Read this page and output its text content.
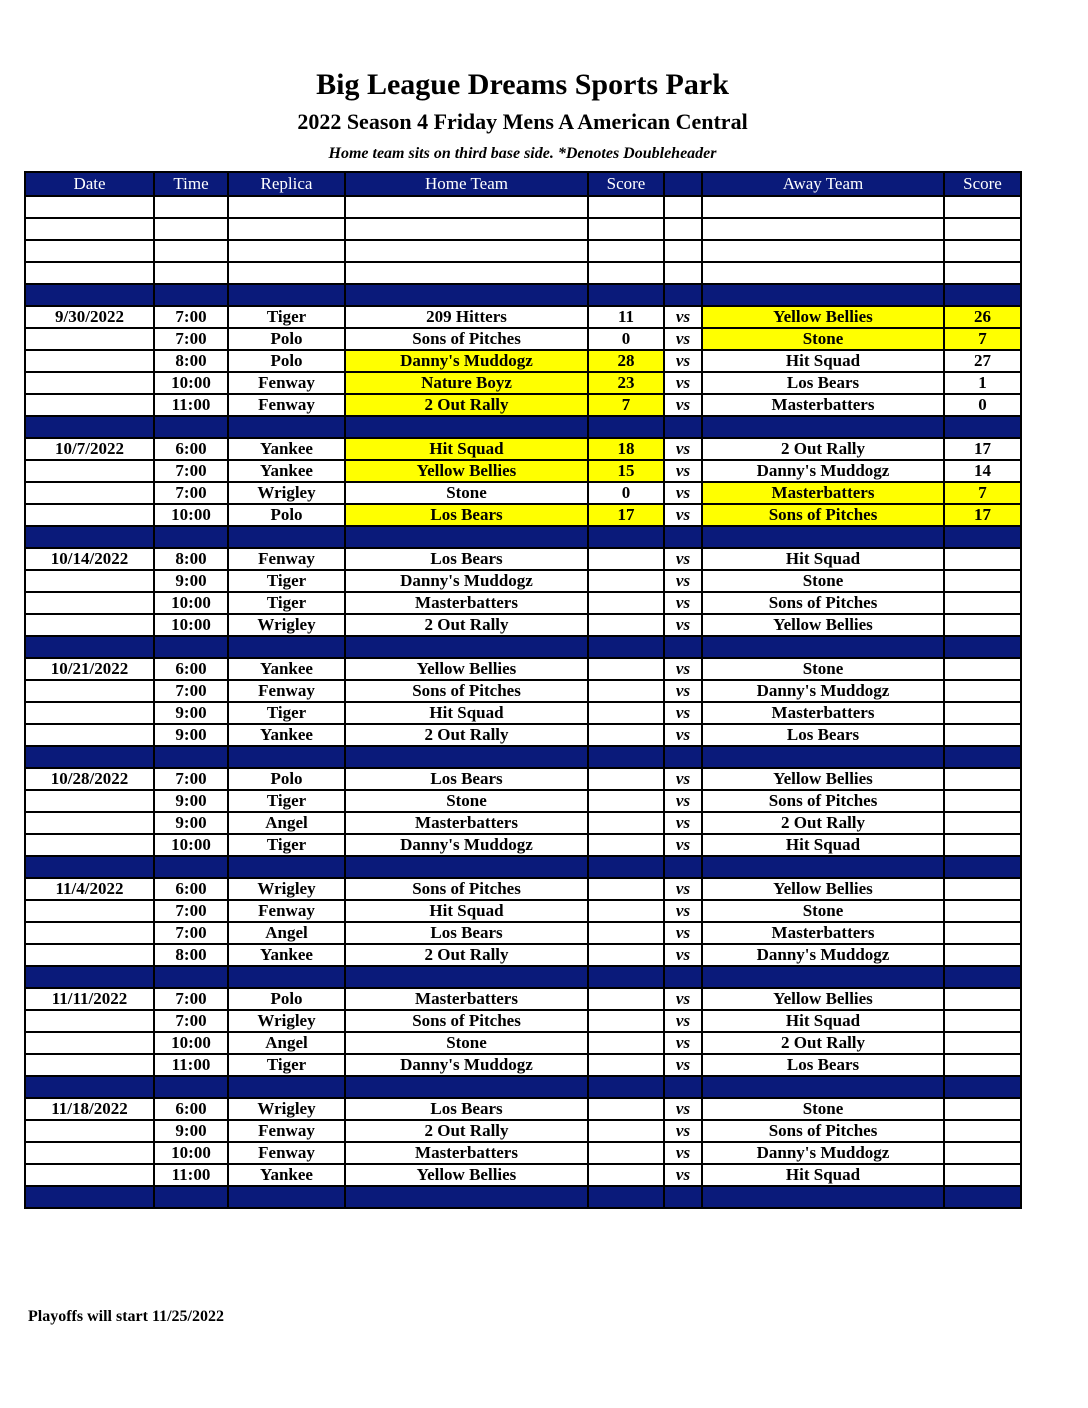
Big League Dreams Sports Park
2022 Season 4 Friday Mens A American Central
Home team sits on third base side. *Denotes Doubleheader
Date	Time	Replica	Home Team	Score		Away Team	Score

9/30/2022	7:00	Tiger	209 Hitters	11	vs	Yellow Bellies	26
	7:00	Polo	Sons of Pitches	0	vs	Stone	7
	8:00	Polo	Danny's Muddogz	28	vs	Hit Squad	27
	10:00	Fenway	Nature Boyz	23	vs	Los Bears	1
	11:00	Fenway	2 Out Rally	7	vs	Masterbatters	0

10/7/2022	6:00	Yankee	Hit Squad	18	vs	2 Out Rally	17
	7:00	Yankee	Yellow Bellies	15	vs	Danny's Muddogz	14
	7:00	Wrigley	Stone	0	vs	Masterbatters	7
	10:00	Polo	Los Bears	17	vs	Sons of Pitches	17

10/14/2022	8:00	Fenway	Los Bears		vs	Hit Squad	
	9:00	Tiger	Danny's Muddogz		vs	Stone	
	10:00	Tiger	Masterbatters		vs	Sons of Pitches	
	10:00	Wrigley	2 Out Rally		vs	Yellow Bellies	

10/21/2022	6:00	Yankee	Yellow Bellies		vs	Stone	
	7:00	Fenway	Sons of Pitches		vs	Danny's Muddogz	
	9:00	Tiger	Hit Squad		vs	Masterbatters	
	9:00	Yankee	2 Out Rally		vs	Los Bears	

10/28/2022	7:00	Polo	Los Bears		vs	Yellow Bellies	
	9:00	Tiger	Stone		vs	Sons of Pitches	
	9:00	Angel	Masterbatters		vs	2 Out Rally	
	10:00	Tiger	Danny's Muddogz		vs	Hit Squad	

11/4/2022	6:00	Wrigley	Sons of Pitches		vs	Yellow Bellies	
	7:00	Fenway	Hit Squad		vs	Stone	
	7:00	Angel	Los Bears		vs	Masterbatters	
	8:00	Yankee	2 Out Rally		vs	Danny's Muddogz	

11/11/2022	7:00	Polo	Masterbatters		vs	Yellow Bellies	
	7:00	Wrigley	Sons of Pitches		vs	Hit Squad	
	10:00	Angel	Stone		vs	2 Out Rally	
	11:00	Tiger	Danny's Muddogz		vs	Los Bears	

11/18/2022	6:00	Wrigley	Los Bears		vs	Stone	
	9:00	Fenway	2 Out Rally		vs	Sons of Pitches	
	10:00	Fenway	Masterbatters		vs	Danny's Muddogz	
	11:00	Yankee	Yellow Bellies		vs	Hit Squad	

Playoffs will start 11/25/2022
